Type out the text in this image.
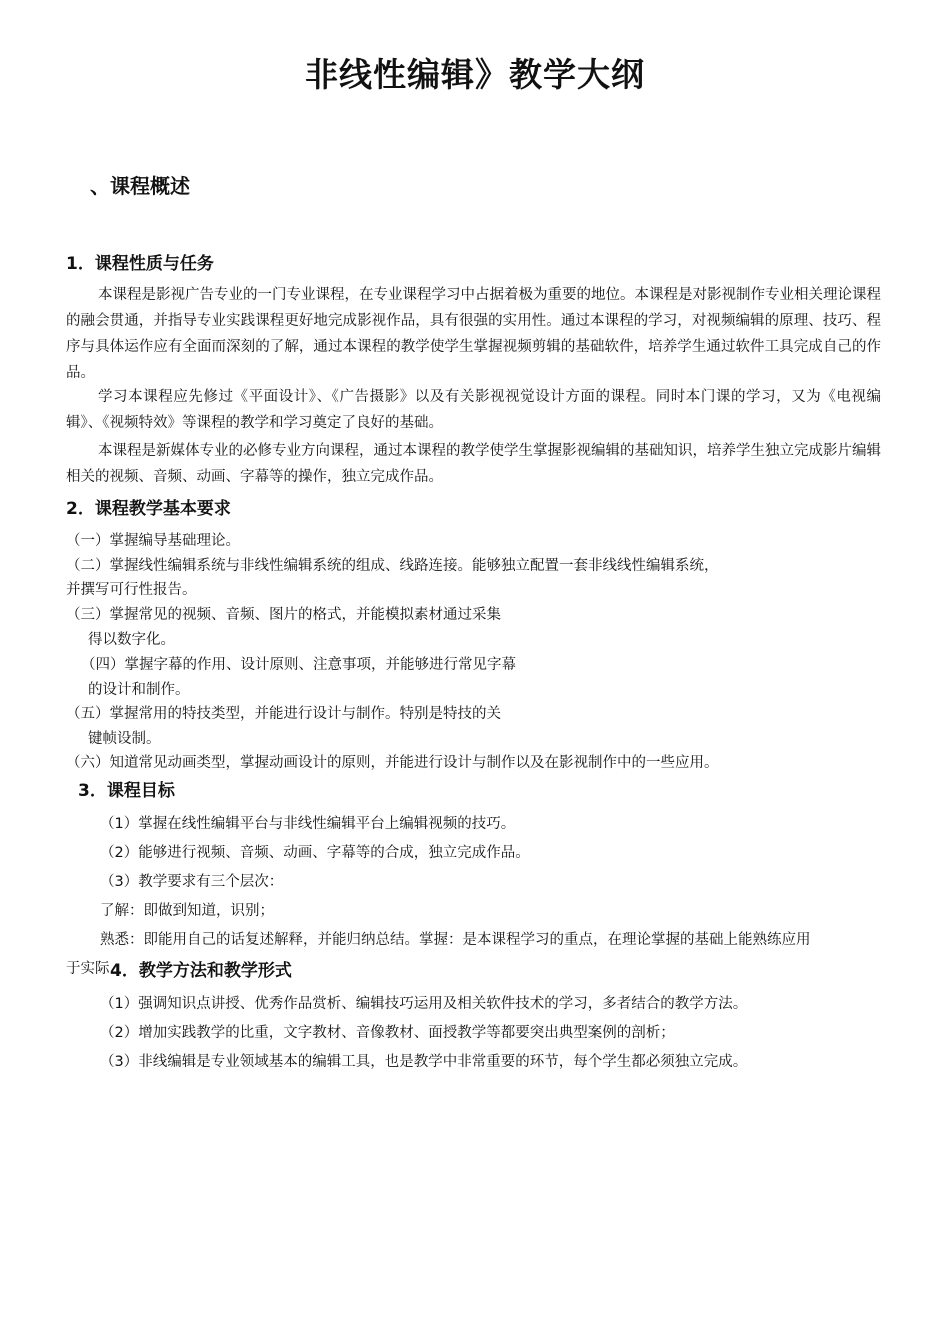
非线性编辑》教学大纲
、课程概述
1．课程性质与任务

本课程是影视广告专业的一门专业课程，在专业课程学习中占据着极为重要的地位。本课程是对影视制作专业相关理论课程的融会贯通，并指导专业实践课程更好地完成影视作品，具有很强的实用性。通过本课程的学习，对视频编辑的原理、技巧、程序与具体运作应有全面而深刻的了解，通过本课程的教学使学生掌握视频剪辑的基础软件，培养学生通过软件工具完成自己的作品。

学习本课程应先修过《平面设计》、《广告摄影》以及有关影视视觉设计方面的课程。同时本门课的学习，又为《电视编辑》、《视频特效》等课程的教学和学习奠定了良好的基础。

本课程是新媒体专业的必修专业方向课程，通过本课程的教学使学生掌握影视编辑的基础知识，培养学生独立完成影片编辑相关的视频、音频、动画、字幕等的操作，独立完成作品。

2．课程教学基本要求
（一）掌握编导基础理论。
（二）掌握线性编辑系统与非线性编辑系统的组成、线路连接。能够独立配置一套非线线性编辑系统，
并撰写可行性报告。
（三）掌握常见的视频、音频、图片的格式，并能模拟素材通过采集
得以数字化。
（四）掌握字幕的作用、设计原则、注意事项，并能够进行常见字幕
的设计和制作。
（五）掌握常用的特技类型，并能进行设计与制作。特别是特技的关
键帧设制。
（六）知道常见动画类型，掌握动画设计的原则，并能进行设计与制作以及在影视制作中的一些应用。
3．课程目标
（1）掌握在线性编辑平台与非线性编辑平台上编辑视频的技巧。
（2）能够进行视频、音频、动画、字幕等的合成，独立完成作品。
（3）教学要求有三个层次：
了解：即做到知道，识别；
熟悉：即能用自己的话复述解释，并能归纳总结。掌握：是本课程学习的重点，在理论掌握的基础上能熟练应用
于实际 4．教学方法和教学形式
（1）强调知识点讲授、优秀作品赏析、编辑技巧运用及相关软件技术的学习，多者结合的教学方法。
（2）增加实践教学的比重，文字教材、音像教材、面授教学等都要突出典型案例的剖析；
（3）非线编辑是专业领域基本的编辑工具，也是教学中非常重要的环节，每个学生都必须独立完成。
